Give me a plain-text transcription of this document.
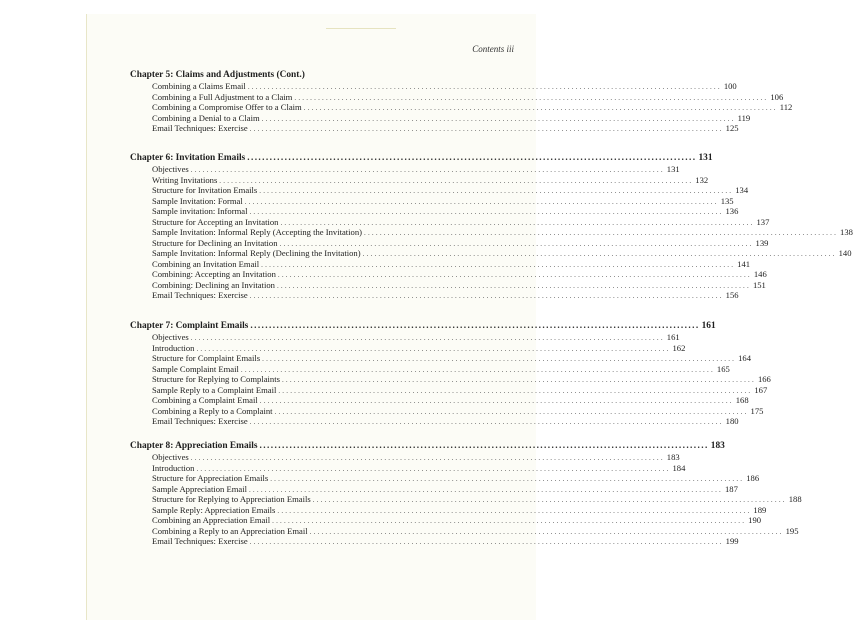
Contents iii
Chapter 5: Claims and Adjustments (Cont.)
Combining a Claims Email ........................................................................................................................ 100
Combining a Full Adjustment to a Claim ........................................................................................................................ 106
Combining a Compromise Offer to a Claim ........................................................................................................................ 112
Combining a Denial to a Claim ........................................................................................................................ 119
Email Techniques: Exercise ........................................................................................................................ 125
Chapter 6: Invitation Emails ........................................................................................................................ 131
Objectives ........................................................................................................................ 131
Writing Invitations ........................................................................................................................ 132
Structure for Invitation Emails ........................................................................................................................ 134
Sample Invitation: Formal ........................................................................................................................ 135
Sample invitation: Informal ........................................................................................................................ 136
Structure for Accepting an Invitation ........................................................................................................................ 137
Sample Invitation: Informal Reply (Accepting the Invitation) ........................................................................................................................ 138
Structure for Declining an Invitation ........................................................................................................................ 139
Sample Invitation: Informal Reply (Declining the Invitation) ........................................................................................................................ 140
Combining an Invitation Email ........................................................................................................................ 141
Combining: Accepting an Invitation ........................................................................................................................ 146
Combining: Declining an Invitation ........................................................................................................................ 151
Email Techniques: Exercise ........................................................................................................................ 156
Chapter 7: Complaint Emails ........................................................................................................................ 161
Objectives ........................................................................................................................ 161
Introduction ........................................................................................................................ 162
Structure for Complaint Emails ........................................................................................................................ 164
Sample Complaint Email ........................................................................................................................ 165
Structure for Replying to Complaints ........................................................................................................................ 166
Sample Reply to a Complaint Email ........................................................................................................................ 167
Combining a Complaint Email ........................................................................................................................ 168
Combining a Reply to a Complaint ........................................................................................................................ 175
Email Techniques: Exercise ........................................................................................................................ 180
Chapter 8: Appreciation Emails ........................................................................................................................ 183
Objectives ........................................................................................................................ 183
Introduction ........................................................................................................................ 184
Structure for Appreciation Emails ........................................................................................................................ 186
Sample Appreciation Email ........................................................................................................................ 187
Structure for Replying to Appreciation Emails ........................................................................................................................ 188
Sample Reply: Appreciation Emails ........................................................................................................................ 189
Combining an Appreciation Email ........................................................................................................................ 190
Combining a Reply to an Appreciation Email ........................................................................................................................ 195
Email Techniques: Exercise ........................................................................................................................ 199
